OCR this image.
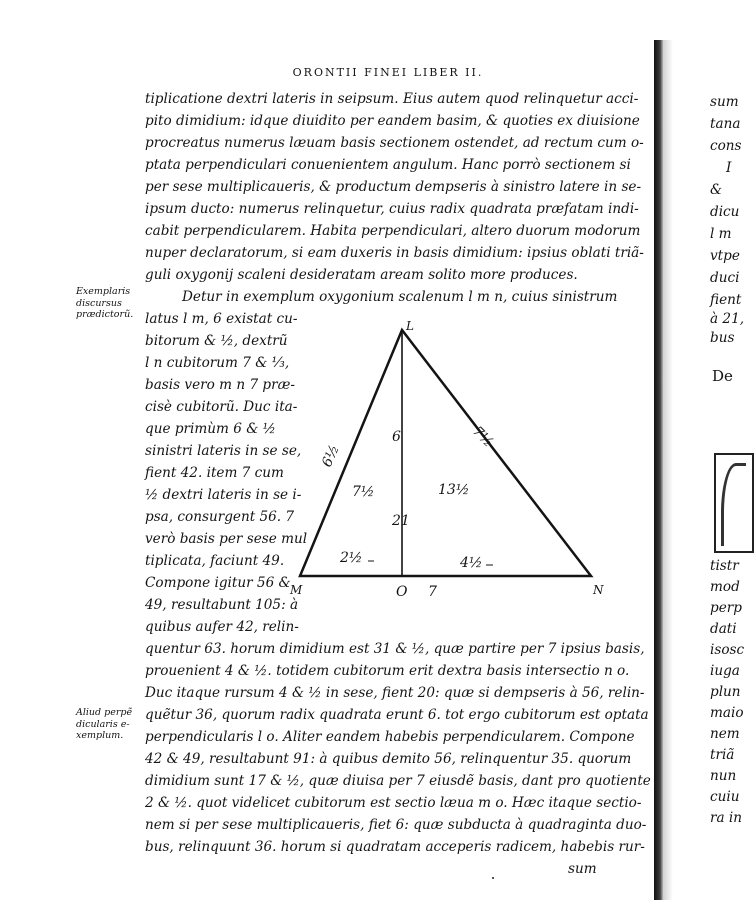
ORONTII FINEI LIBER II.
tiplicatione dextri lateris in seipsum. Eius autem quod relinquetur acci-
pito dimidium: idque diuidito per eandem basim, & quoties ex diuisione
procreatus numerus læuam basis sectionem ostendet, ad rectum cum o-
ptata perpendiculari conuenientem angulum. Hanc porrò sectionem si
per sese multiplicaueris, & productum dempseris à sinistro latere in se-
ipsum ducto: numerus relinquetur, cuius radix quadrata præfatam indi-
cabit perpendicularem. Habita perpendiculari, altero duorum modorum
nuper declaratorum, si eam duxeris in basis dimidium: ipsius oblati triã-
guli oxygonij scaleni desideratam aream solito more produces.
Detur in exemplum oxygonium scalenum l m n, cuius sinistrum
latus l m, 6 existat cu-
bitorum & ½, dextrũ
l n cubitorum 7 & ⅓,
basis vero m n 7 præ-
cisè cubitorũ. Duc ita-
que primùm 6 & ½
sinistri lateris in se se,
fient 42. item 7 cum
½ dextri lateris in se i-
psa, consurgent 56. 7
verò basis per sese mul
tiplicata, faciunt 49.
Compone igitur 56 &
49, resultabunt 105: à
quibus aufer 42, relin-
quentur 63. horum dimidium est 31 & ½, quæ partire per 7 ipsius basis,
prouenient 4 & ½. totidem cubitorum erit dextra basis intersectio n o.
Duc itaque rursum 4 & ½ in sese, fient 20: quæ si dempseris à 56, relin-
quẽtur 36, quorum radix quadrata erunt 6. tot ergo cubitorum est optata
perpendicularis l o. Aliter eandem habebis perpendicularem. Compone
42 & 49, resultabunt 91: à quibus demito 56, relinquentur 35. quorum
dimidium sunt 17 & ½, quæ diuisa per 7 eiusdẽ basis, dant pro quotiente
2 & ½. quot videlicet cubitorum est sectio læua m o. Hæc itaque sectio-
nem si per sese multiplicaueris, fiet 6: quæ subducta à quadraginta duo-
bus, relinquunt 36. horum si quadratam acceperis radicem, habebis rur-
sum
Exemplaris
discursus
prædictorũ.
Aliud perpẽ
dicularis e-
xemplum.
L
M	N
O
6½
7½
6
21
7½	13½
2½	4½
7
sum
tana
cons
I
&
dicu
l m
vtpe
duci
fient
à 21,
bus
De
tistr
mod
perp
dati
isosc
iuga
plun
maio
nem
triã
nun
cuiu
ra in
